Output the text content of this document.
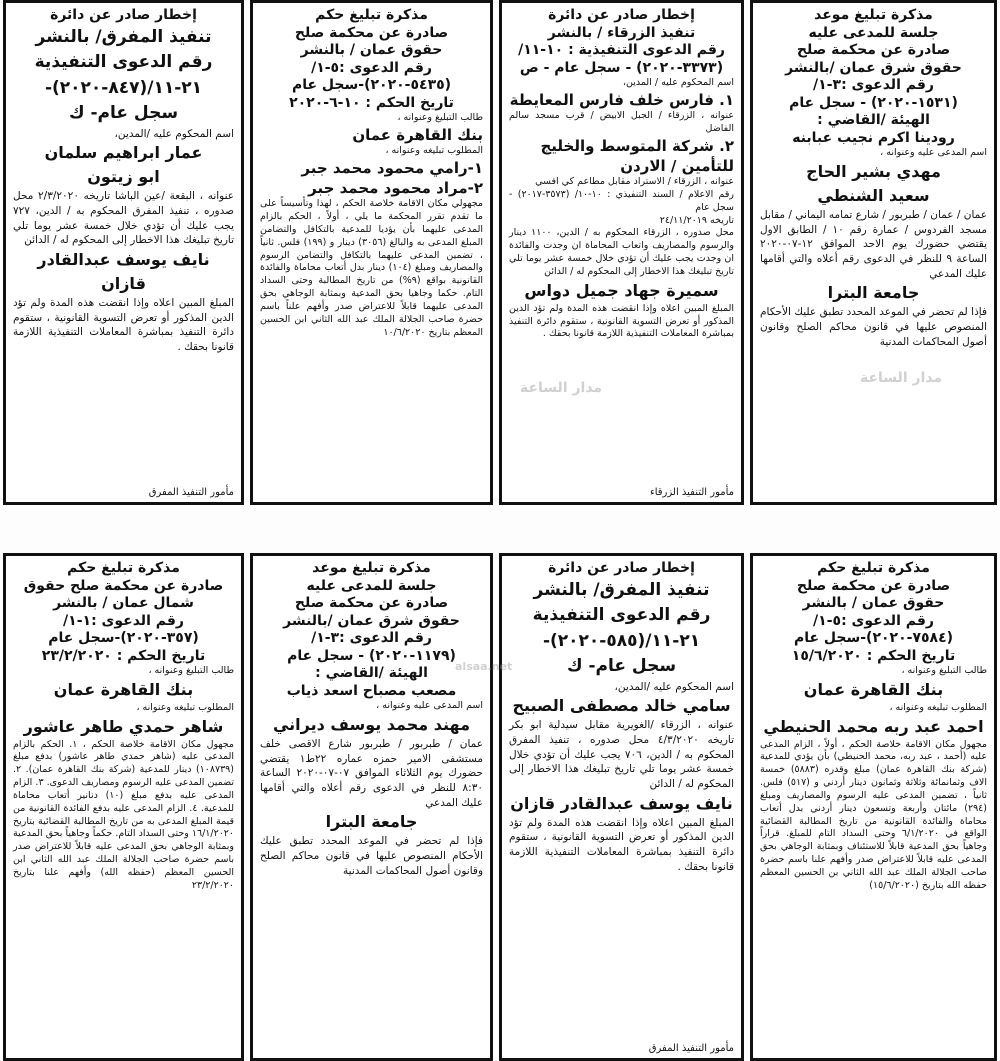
إخطار صادر عن دائرة
تنفيذ المفرق/ بالنشر
رقم الدعوى التنفيذية
٢١-١١/(٨٤٧-٢٠٢٠)-
سجل عام- ك
اسم المحكوم عليه /المدين،
عمار ابراهيم سلمان
ابو زيتون

عنوانه ، البقعة /عين الباشا تاريخه ٢/٣/٢٠٢٠ محل صدوره ، تنفيذ المفرق المحكوم به / الدين، ٧٢٧ يجب عليك أن تؤدي خلال خمسة عشر يوما تلي تاريخ تبليغك هذا الاخطار إلى المحكوم له / الدائن

نايف يوسف عبدالقادر قازان

المبلغ المبين اعلاه وإذا انقضت هذه المدة ولم تؤد الدين المذكور أو تعرض التسوية القانونية ، ستقوم دائرة التنفيذ بمباشرة المعاملات التنفيذية اللازمة قانونا بحقك .

مأمور التنفيذ المفرق
مذكرة تبليغ حكم
صادرة عن محكمة صلح
حقوق عمان / بالنشر
رقم الدعوى :٥-١/
(٥٤٣٥-٢٠٢٠)-سجل عام
تاريخ الحكم : ١٠-٦-٢٠٢٠
طالب التبليغ وعنوانه ،
بنك القاهرة عمان
المطلوب تبليغه وعنوانه ،
١-رامي محمود محمد جبر
٢-مراد محمود محمد جبر

مجهولي مكان الاقامة خلاصة الحكم ، لهذا وتأسيساً على ما تقدم تقرر المحكمة ما يلي ، أولاً ، الحكم بالزام المدعى عليهما بأن يؤديا للمدعية بالتكافل والتضامن المبلغ المدعى به والبالغ (٣٠٥٦) دينار و (١٩٩) فلس. ثانياً ، تضمين المدعى عليهما بالتكافل والتضامن الرسوم والمصاريف ومبلغ (١٠٤) دينار بدل أتعاب محاماة والفائدة القانونية بواقع (٩%) من تاريخ المطالبة وحتى السداد التام. حكما وجاهيا بحق المدعية وبمثابة الوجاهي بحق المدعى عليهما قابلاً للاعتراض صدر وأفهم علناً باسم حضرة صاحب الجلالة الملك عبد الله الثاني ابن الحسين المعظم بتاريخ ١٠/٦/٢٠٢٠

إخطار صادر عن دائرة
تنفيذ الزرقاء / بالنشر
رقم الدعوى التنفيذية : ١٠-١١/
(٣٣٧٣-٢٠٢٠) - سجل عام - ص
اسم المحكوم عليه / المدين،
١. فارس خلف فارس المعايطة

عنوانه ، الزرقاء / الجبل الابيض / قرب مسجد سالم الفاضل

٢. شركة المتوسط والخليج للتأمين / الاردن

عنوانه ، الزرقاء / الاستراد مقابل مطاعم كي افسي

رقم الاعلام / السند التنفيذي : ١٠-١٠/ (٣٥٧٣-٢٠١٧) - سجل عام

تاريخه ٢٤/١١/٢٠١٩

محل صدوره ، الزرقاء المحكوم به / الدين، ١١٠٠ دينار والرسوم والمصاريف واتعاب المحاماة ان وجدت والفائدة ان وجدت يجب عليك أن تؤدي خلال خمسة عشر يوما تلي تاريخ تبليغك هذا الاخطار إلى المحكوم له / الدائن

سميرة جهاد جميل دواس

المبلغ المبين اعلاه وإذا انقضت هذه المدة ولم تؤد الدين المذكور أو تعرض التسوية القانونية ، ستقوم دائرة التنفيذ بمباشرة المعاملات التنفيذية اللازمة قانونا بحقك .

مأمور التنفيذ الزرقاء
مذكرة تبليغ موعد
جلسة للمدعى عليه
صادرة عن محكمة صلح
حقوق شرق عمان /بالنشر
رقم الدعوى :٣-١/
(١٥٣١-٢٠٢٠) - سجل عام
الهيئة /القاضي :
رودينا اكرم نجيب عبابنه
اسم المدعى عليه وعنوانه ،
مهدي بشير الحاج
سعيد الشنطي

عمان / عمان / طبربور / شارع تمامه اليماني / مقابل مسجد الفردوس / عمارة رقم ١٠ / الطابق الاول يقتضي حضورك يوم الاحد الموافق ١٢-٠٧-٢٠٢٠ الساعة ٩ للنظر في الدعوى رقم أعلاه والتي أقامها عليك المدعي

جامعة البترا

فإذا لم تحضر في الموعد المحدد تطبق عليك الأحكام المنصوص عليها في قانون محاكم الصلح وقانون أصول المحاكمات المدنية

مذكرة تبليغ حكم
صادرة عن محكمة صلح حقوق
شمال عمان / بالنشر
رقم الدعوى :١-١/
(٣٥٧-٢٠٢٠)-سجل عام
تاريخ الحكم : ٢٣/٢/٢٠٢٠
طالب التبليغ وعنوانه ،
بنك القاهرة عمان
المطلوب تبليغه وعنوانه ،
شاهر حمدي طاهر عاشور

مجهول مكان الاقامة خلاصة الحكم ، ١. الحكم بالزام المدعى عليه (شاهر حمدي طاهر عاشور) بدفع مبلغ (١٠٨٧٣٩) دينار للمدعية (شركة بنك القاهرة عمان). ٢. تضمين المدعى عليه الرسوم ومصاريف الدعوى. ٣. الزام المدعى عليه بدفع مبلغ (١٠) دنانير أتعاب محاماة للمدعية. ٤. الزام المدعى عليه بدفع الفائدة القانونية من قيمة المبلغ المدعى به من تاريخ المطالبة القضائية بتاريخ ١٦/١/٢٠٢٠ وحتى السداد التام. حكماً وجاهياً بحق المدعية وبمثابة الوجاهي بحق المدعى عليه قابلاً للاعتراض صدر باسم حضرة صاحب الجلالة الملك عبد الله الثاني ابن الحسين المعظم (حفظه الله) وأفهم علنا بتاريخ ٢٣/٢/٢٠٢٠

مذكرة تبليغ موعد
جلسة للمدعى عليه
صادرة عن محكمة صلح
حقوق شرق عمان /بالنشر
رقم الدعوى :٣-١/
(١١٧٩-٢٠٢٠) - سجل عام
الهيئة /القاضي :
مصعب مصباح اسعد ذياب
اسم المدعى عليه وعنوانه ،
مهند محمد يوسف ديراني

عمان / طبربور / طبربور شارع الاقصى خلف مستشفى الامير حمزه عماره ٢٢ط١ يقتضي حضورك يوم الثلاثاء الموافق ٠٧-٠٧-٢٠٢٠ الساعة ٨:٣٠ للنظر في الدعوى رقم أعلاه والتي أقامها عليك المدعي

جامعة البترا

فإذا لم تحضر في الموعد المحدد تطبق عليك الأحكام المنصوص عليها في قانون محاكم الصلح وقانون أصول المحاكمات المدنية

إخطار صادر عن دائرة
تنفيذ المفرق/ بالنشر
رقم الدعوى التنفيذية
٢١-١١/(٥٨٥-٢٠٢٠)-
سجل عام- ك
اسم المحكوم عليه /المدين،
سامي خالد مصطفى الصبيح

عنوانه ، الزرقاء /الغويرية مقابل سيدلية ابو بكر تاريخه ٤/٣/٢٠٢٠ محل صدوره ، تنفيذ المفرق المحكوم به / الدين، ٧٠٦ يجب عليك أن تؤدي خلال خمسة عشر يوما تلي تاريخ تبليغك هذا الاخطار إلى المحكوم له / الدائن

نايف يوسف عبدالقادر قازان

المبلغ المبين اعلاه وإذا انقضت هذه المدة ولم تؤد الدين المذكور أو تعرض التسوية القانونية ، ستقوم دائرة التنفيذ بمباشرة المعاملات التنفيذية اللازمة قانونا بحقك .

مأمور التنفيذ المفرق
مذكرة تبليغ حكم
صادرة عن محكمة صلح
حقوق عمان / بالنشر
رقم الدعوى :٥-١/
(٧٥٨٤-٢٠٢٠)-سجل عام
تاريخ الحكم : ١٥/٦/٢٠٢٠
طالب التبليغ وعنوانه ،
بنك القاهرة عمان
المطلوب تبليغه وعنوانه ،
احمد عبد ربه محمد الحنيطي

مجهول مكان الاقامة خلاصة الحكم ، أولاً ، الزام المدعى عليه (أحمد ، عبد ربه، محمد الحنيطي) بأن يؤدي للمدعية (شركة بنك القاهرة عمان) مبلغ وقدره (٥٨٨٣) خمسة الاف وثمانمائة وثلاثة وثمانون دينار أردني و (٥١٧) فلس. ثانياً ، تضمين المدعى عليه الرسوم والمصاريف ومبلغ (٢٩٤) مائتان وأربعة وتسعون دينار أردني بدل أتعاب محاماة والفائدة القانونية من تاريخ المطالبة القضائية الواقع في ٦/١/٢٠٢٠ وحتى السداد التام للمبلغ. قراراً وجاهياً بحق المدعية قابلاً للاستئناف وبمثابة الوجاهي بحق المدعى عليه قابلاً للاعتراض صدر وأفهم علنا باسم حضرة صاحب الجلالة الملك عبد الله الثاني بن الحسين المعظم حفظه الله بتاريخ (١٥/٦/٢٠٢٠)

مدار الساعة
مدار الساعة
alsaa.net
